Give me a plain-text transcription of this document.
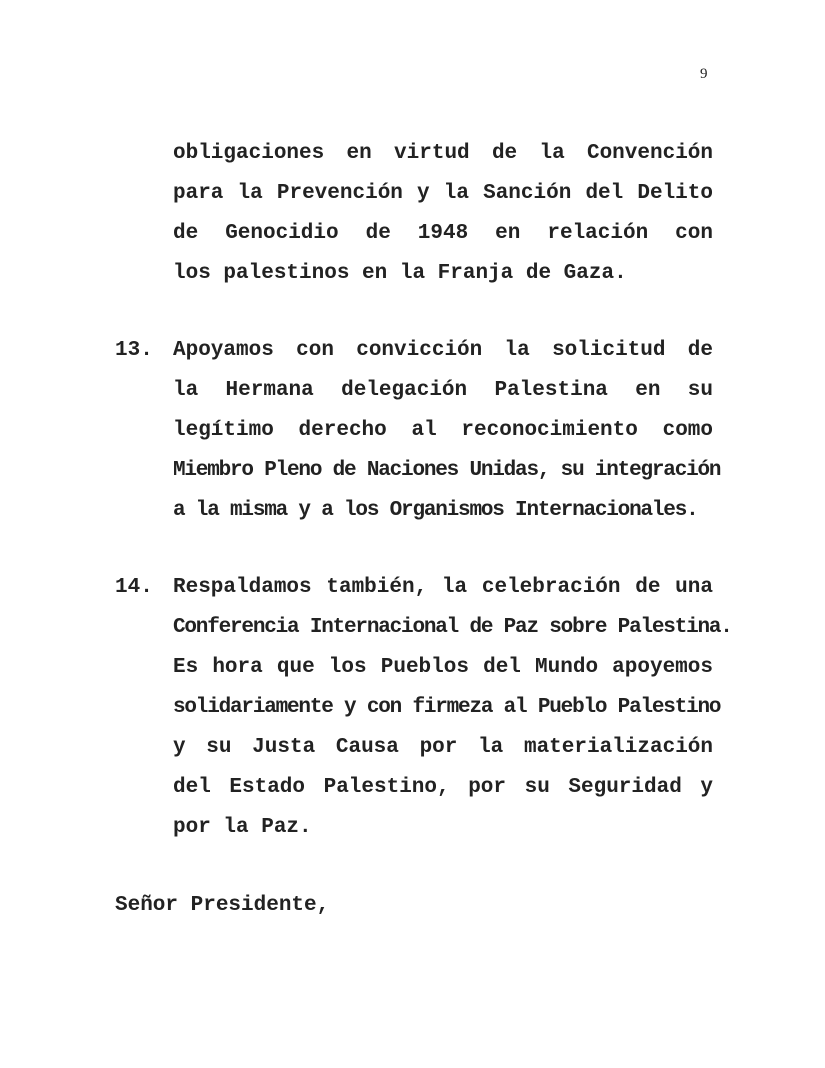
9
obligaciones en virtud de la Convención
para la Prevención y la Sanción del Delito
de Genocidio de 1948 en relación con
los palestinos en la Franja de Gaza.
13. Apoyamos con convicción la solicitud de
la Hermana delegación Palestina en su
legítimo derecho al reconocimiento como
Miembro Pleno de Naciones Unidas, su integración
a la misma y a los Organismos Internacionales.
14. Respaldamos también, la celebración de una
Conferencia Internacional de Paz sobre Palestina.
Es hora que los Pueblos del Mundo apoyemos
solidariamente y con firmeza al Pueblo Palestino
y su Justa Causa por la materialización
del Estado Palestino, por su Seguridad y
por la Paz.
Señor Presidente,
